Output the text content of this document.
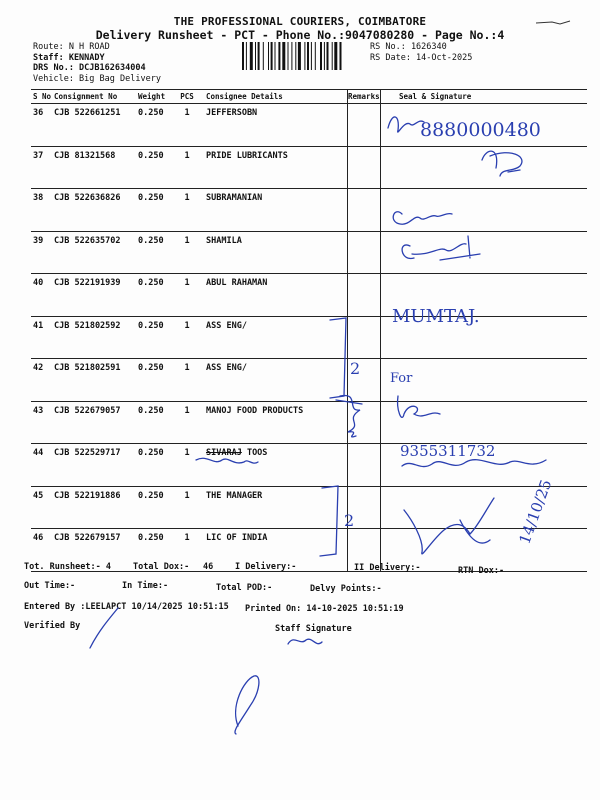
THE PROFESSIONAL COURIERS, COIMBATORE
Delivery Runsheet - PCT - Phone No.:9047080280 - Page No.:4
Route: N H ROAD
Staff: KENNADY
DRS No.: DCJB162634004
Vehicle: Big Bag Delivery
RS No.: 1626340
RS Date: 14-Oct-2025
S No Consignment No	Weight	PCS	Consignee Details	Remarks	Seal & Signature
36	CJB 522661251	0.250	1	JEFFERSOBN
37	CJB 81321568	0.250	1	PRIDE LUBRICANTS
38	CJB 522636826	0.250	1	SUBRAMANIAN
39	CJB 522635702	0.250	1	SHAMILA
40	CJB 522191939	0.250	1	ABUL RAHAMAN
41	CJB 521802592	0.250	1	ASS ENG/
42	CJB 521802591	0.250	1	ASS ENG/
43	CJB 522679057	0.250	1	MANOJ FOOD PRODUCTS
44	CJB 522529717	0.250	1	SIVARAJ TOOS
45	CJB 522191886	0.250	1	THE MANAGER
46	CJB 522679157	0.250	1	LIC OF INDIA
Tot. Runsheet:- 4	Total Dox:- 46	I Delivery:-	II Delivery:-	RTN Dox:-
Out Time:-	In Time:-	Total POD:-	Delvy Points:-
Entered By :LEELAPCT 10/14/2025 10:51:15 Printed On: 14-10-2025 10:51:19
Verified By	Staff Signature
8880000480
MUMTAJ.
2
For
9355311732
2	14/10/25
